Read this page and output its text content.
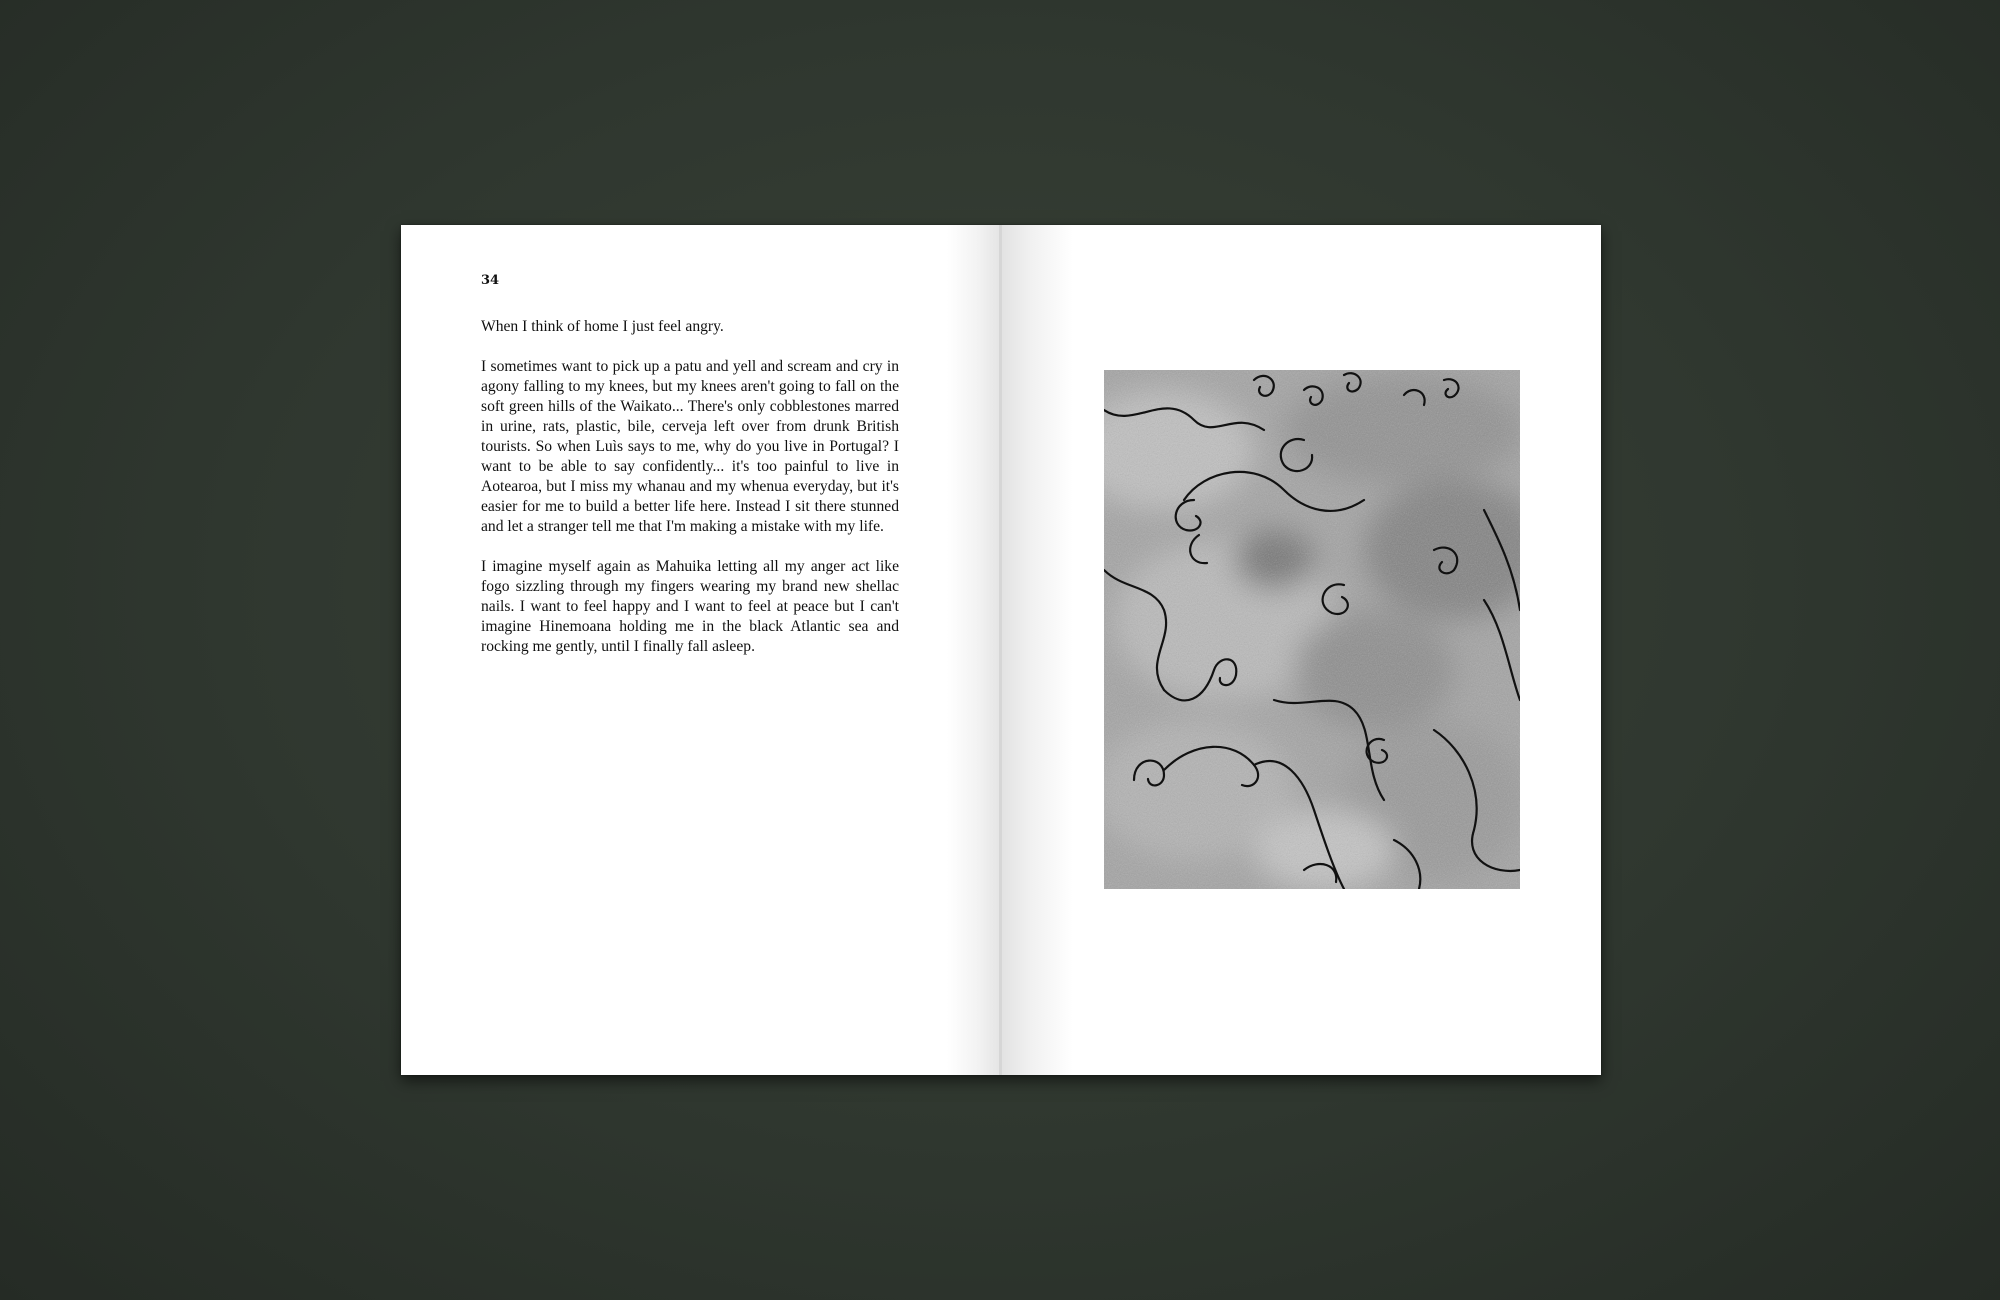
34

When I think of home I just feel angry.

I sometimes want to pick up a patu and yell and scream and cry in agony falling to my knees, but my knees aren't going to fall on the soft green hills of the Waikato... There's only cobblestones marred in urine, rats, plastic, bile, cerveja left over from drunk British tourists. So when Luìs says to me, why do you live in Portugal? I want to be able to say confidently... it's too painful to live in Aotearoa, but I miss my whanau and my whenua everyday, but it's easier for me to build a better life here. Instead I sit there stunned and let a stranger tell me that I'm making a mistake with my life.

I imagine myself again as Mahuika letting all my anger act like fogo sizzling through my fingers wearing my brand new shellac nails. I want to feel happy and I want to feel at peace but I can't imagine Hinemoana holding me in the black Atlantic sea and rocking me gently, until I finally fall asleep.
